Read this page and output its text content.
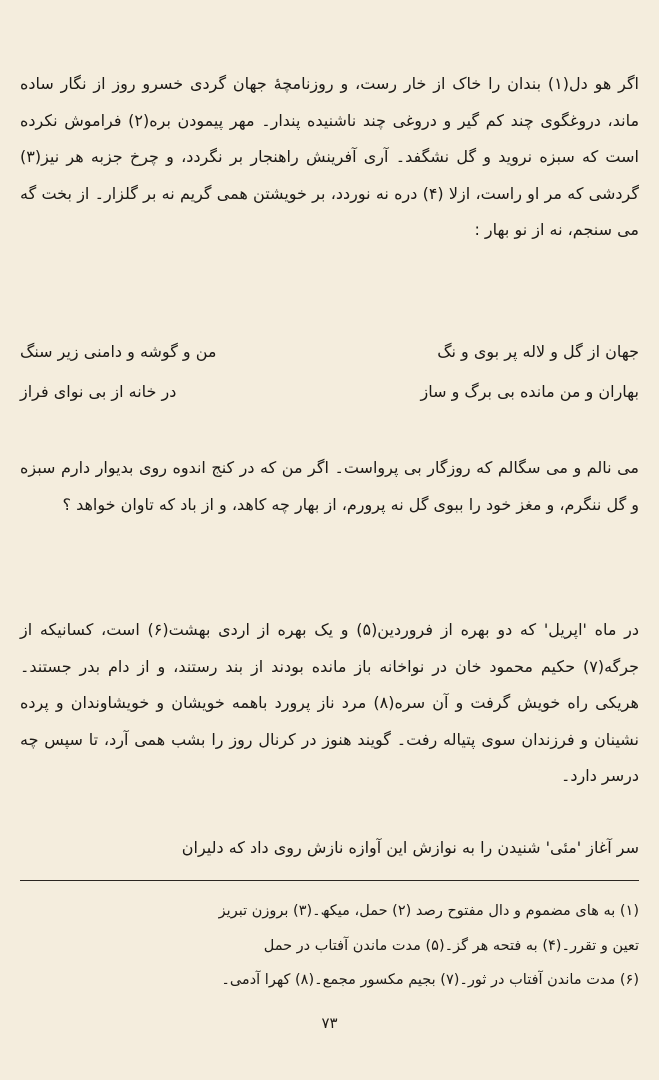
اگر هو دل(۱) بندان را خاک از خار رست، و روزنامچهٔ جهان گردی خسرو روز از نگار ساده ماند، دروغگوی چند کم گیر و دروغی چند ناشنیده پندار۔ مهر پیمودن بره(۲) فراموش نکرده است که سبزه نروید و گل نشگفد۔ آری آفرینش راهنجار بر نگردد، و چرخ جزبه هر نیز(۳) گردشی که مر او راست، ازلا (۴) دره نه نوردد، بر خویشتن همی گریم نه بر گلزار۔ از بخت گه می سنجم، نه از نو بهار :
جهان از گل و لاله پر بوی و نگ
من و گوشه و دامنی زیر سنگ
بهاران و من مانده بی برگ و ساز
در خانه از بی نوای فراز
می نالم و می سگالم که روزگار بی پرواست۔ اگر من که در کنج اندوه روی بدیوار دارم سبزه و گل ننگرم، و مغز خود را ببوی گل نه پرورم، از بهار چه کاهد، و از باد که تاوان خواهد ؟
در ماه 'اپریل' که دو بهره از فروردین(۵) و یک بهره از اردی بهشت(۶) است، کسانیکه از جرگه(۷) حکیم محمود خان در نواخانه باز مانده بودند از بند رستند، و از دام بدر جستند۔ هریکی راه خویش گرفت و آن سره(۸) مرد ناز پرورد باهمه خویشان و خویشاوندان و پرده نشینان و فرزندان سوی پتیاله رفت۔ گویند هنوز در کرنال روز را بشب همی آرد، تا سپس چه درسر دارد۔
سر آغاز 'مئی' شنیدن را به نوازش این آوازه نازش روی داد که دلیران
(۱) به های مضموم و دال مفتوح رصد (۲) حمل، میکھ۔(۳) بروزن تبریز
تعین و تقرر۔(۴) به فتحه هر گز۔(۵) مدت ماندن آفتاب در حمل
(۶) مدت ماندن آفتاب در ثور۔(۷) بجیم مکسور مجمع۔(۸) کهرا آدمی۔
۷۳
